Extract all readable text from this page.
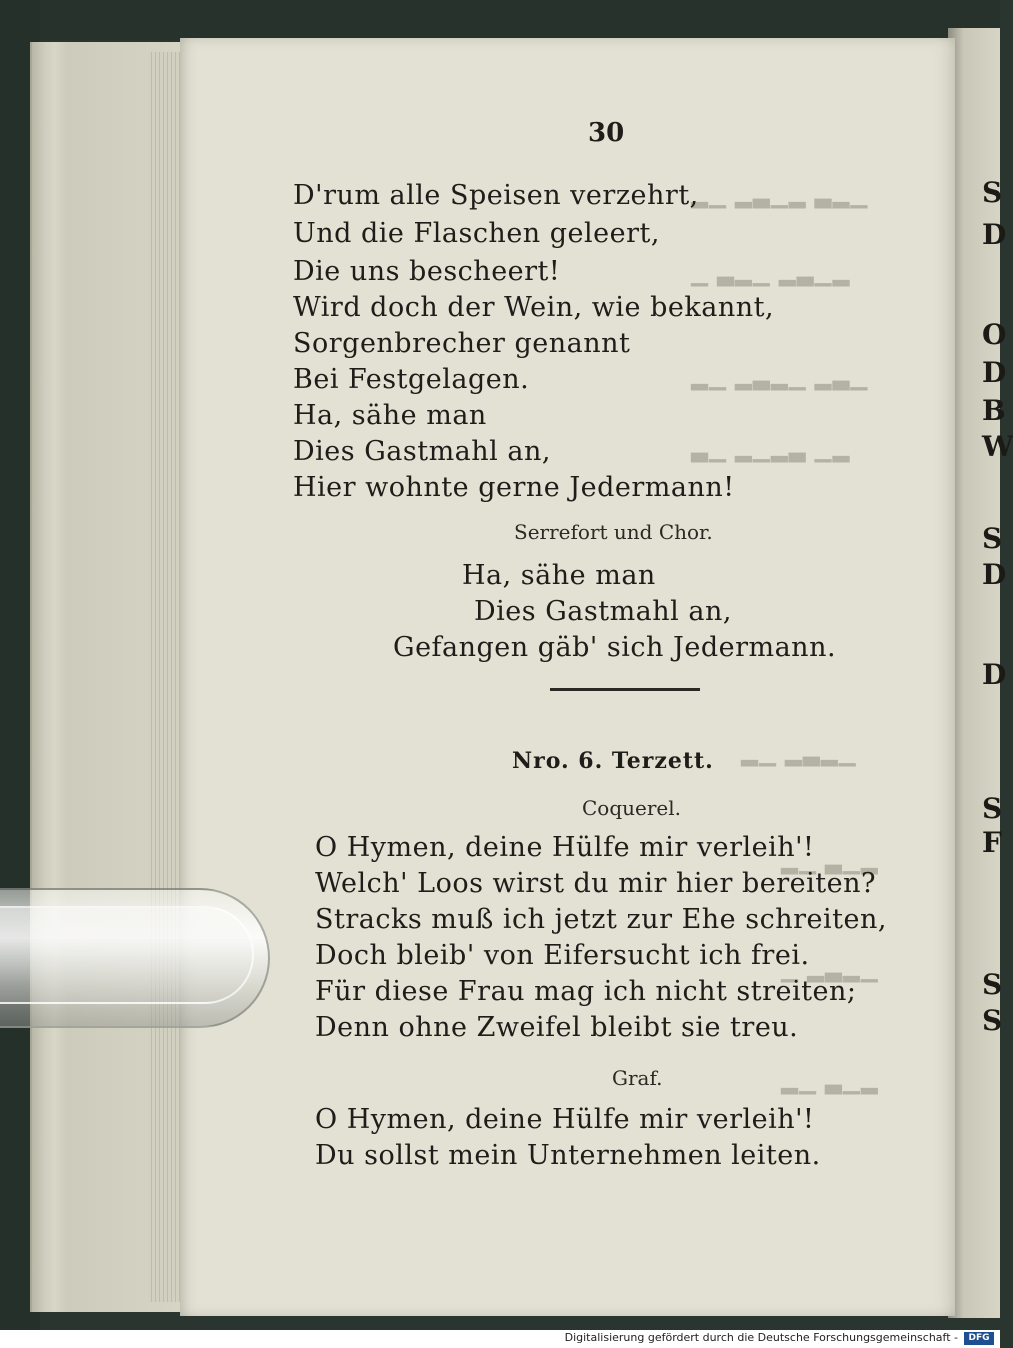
S
D
O
D
B
W
S
D
D
S
F
S
S
▁▂▃ ▂▁▃▂ ▁▂
▂▁▃▂ ▁▂▃ ▁
▁▃▂ ▁▂▃▂ ▁▂
▂▁ ▃▂▁▂ ▁▃
▁▂▃▂ ▁▂
▂▁▃ ▁▂
▁▂▃▂ ▁
▂▁▃ ▁▂
30
D'rum alle Speisen verzehrt,
Und die Flaschen geleert,
Die uns bescheert!
Wird doch der Wein, wie bekannt,
Sorgenbrecher genannt
Bei Festgelagen.
Ha, sähe man
Dies Gastmahl an,
Hier wohnte gerne Jedermann!
Serrefort und Chor.
Ha, sähe man
Dies Gastmahl an,
Gefangen gäb' sich Jedermann.
Nro. 6. Terzett.
Coquerel.
O Hymen, deine Hülfe mir verleih'!
Welch' Loos wirst du mir hier bereiten?
Stracks muß ich jetzt zur Ehe schreiten,
Doch bleib' von Eifersucht ich frei.
Für diese Frau mag ich nicht streiten;
Denn ohne Zweifel bleibt sie treu.
Graf.
O Hymen, deine Hülfe mir verleih'!
Du sollst mein Unternehmen leiten.
Digitalisierung gefördert durch die Deutsche Forschungsgemeinschaft -	DFG
